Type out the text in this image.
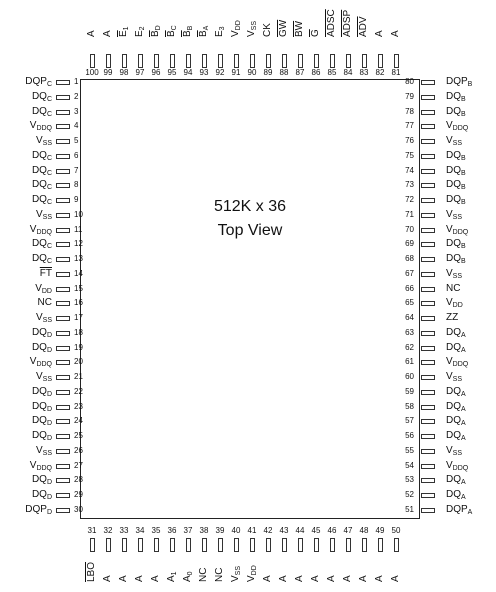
512K x 36
Top View
1
$DQP_C$
2
$DQ_C$
3
$DQ_C$
4
$V_{DDQ}$
5
$V_{SS}$
6
$DQ_C$
7
$DQ_C$
8
$DQ_C$
9
$DQ_C$
10
$V_{SS}$
11
$V_{DDQ}$
12
$DQ_C$
13
$DQ_C$
14
$\overline{FT}$
15
$V_{DD}$
16
NC
17
$V_{SS}$
18
$DQ_D$
19
$DQ_D$
20
$V_{DDQ}$
21
$V_{SS}$
22
$DQ_D$
23
$DQ_D$
24
$DQ_D$
25
$DQ_D$
26
$V_{SS}$
27
$V_{DDQ}$
28
$DQ_D$
29
$DQ_D$
30
$DQP_D$
80	$DQP_B$
79	$DQ_B$
78	$DQ_B$
77	$V_{DDQ}$
76	$V_{SS}$
75	$DQ_B$
74	$DQ_B$
73	$DQ_B$
72	$DQ_B$
71	$V_{SS}$
70	$V_{DDQ}$
69	$DQ_B$
68	$DQ_B$
67	$V_{SS}$
66	NC
65	$V_{DD}$
64	ZZ
63	$DQ_A$
62	$DQ_A$
61	$V_{DDQ}$
60	$V_{SS}$
59	$DQ_A$
58	$DQ_A$
57	$DQ_A$
56	$DQ_A$
55	$V_{SS}$
54	$V_{DDQ}$
53	$DQ_A$
52	$DQ_A$
51	$DQP_A$
100
A
99
A
98
$\overline{E}_1$
97
$E_2$
96
$\overline{B}_D$
95
$\overline{B}_C$
94
$\overline{B}_B$
93
$\overline{B}_A$
92
$E_3$
91
$V_{DD}$
90
$V_{SS}$
89
CK
88
$\overline{GW}$
87
$\overline{BW}$
86
$\overline{G}$
85
ADSC
84
ADSP
83
$\overline{ADV}$
82
A
81
A
31
$\overline{LBO}$
32
A
33
A
34
A
35
A
36
$A_1$
37
$A_0$
38
NC
39
NC
40
$V_{SS}$
41
$V_{DD}$
42
A
43
A
44
A
45
A
46
A
47
A
48
A
49
A
50
A
